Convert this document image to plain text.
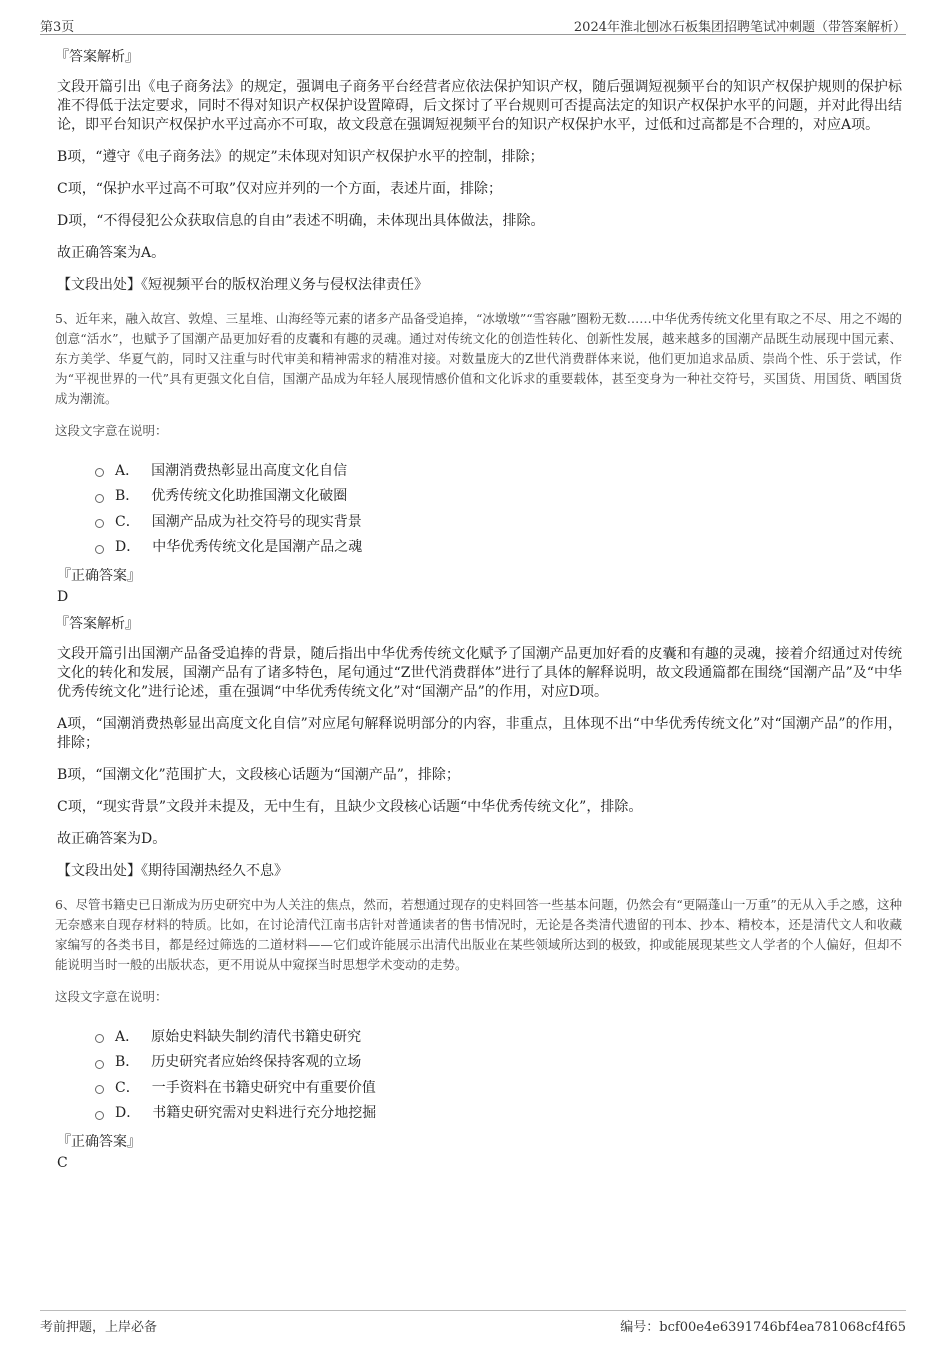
第3页	2024年淮北刨冰石板集团招聘笔试冲刺题（带答案解析）
『答案解析』

文段开篇引出《电子商务法》的规定，强调电子商务平台经营者应依法保护知识产权，随后强调短视频平台的知识产权保护规则的保护标准不得低于法定要求，同时不得对知识产权保护设置障碍，后文探讨了平台规则可否提高法定的知识产权保护水平的问题，并对此得出结论，即平台知识产权保护水平过高亦不可取，故文段意在强调短视频平台的知识产权保护水平，过低和过高都是不合理的，对应A项。

B项，“遵守《电子商务法》的规定”未体现对知识产权保护水平的控制，排除；

C项，“保护水平过高不可取”仅对应并列的一个方面，表述片面，排除；

D项，“不得侵犯公众获取信息的自由”表述不明确，未体现出具体做法，排除。

故正确答案为A。

【文段出处】《短视频平台的版权治理义务与侵权法律责任》

5、近年来，融入故宫、敦煌、三星堆、山海经等元素的诸多产品备受追捧，“冰墩墩”“雪容融”圈粉无数……中华优秀传统文化里有取之不尽、用之不竭的创意“活水”，也赋予了国潮产品更加好看的皮囊和有趣的灵魂。通过对传统文化的创造性转化、创新性发展，越来越多的国潮产品既生动展现中国元素、东方美学、华夏气韵，同时又注重与时代审美和精神需求的精准对接。对数量庞大的Z世代消费群体来说，他们更加追求品质、崇尚个性、乐于尝试，作为“平视世界的一代”具有更强文化自信，国潮产品成为年轻人展现情感价值和文化诉求的重要载体，甚至变身为一种社交符号，买国货、用国货、晒国货成为潮流。

这段文字意在说明：
A． 国潮消费热彰显出高度文化自信
B． 优秀传统文化助推国潮文化破圈
C． 国潮产品成为社交符号的现实背景
D． 中华优秀传统文化是国潮产品之魂
『正确答案』
D
『答案解析』

文段开篇引出国潮产品备受追捧的背景，随后指出中华优秀传统文化赋予了国潮产品更加好看的皮囊和有趣的灵魂，接着介绍通过对传统文化的转化和发展，国潮产品有了诸多特色，尾句通过“Z世代消费群体”进行了具体的解释说明，故文段通篇都在围绕“国潮产品”及“中华优秀传统文化”进行论述，重在强调“中华优秀传统文化”对“国潮产品”的作用，对应D项。

A项，“国潮消费热彰显出高度文化自信”对应尾句解释说明部分的内容，非重点，且体现不出“中华优秀传统文化”对“国潮产品”的作用，排除；

B项，“国潮文化”范围扩大，文段核心话题为“国潮产品”，排除；

C项，“现实背景”文段并未提及，无中生有，且缺少文段核心话题“中华优秀传统文化”，排除。

故正确答案为D。

【文段出处】《期待国潮热经久不息》

6、尽管书籍史已日渐成为历史研究中为人关注的焦点，然而，若想通过现存的史料回答一些基本问题，仍然会有“更隔蓬山一万重”的无从入手之感，这种无奈感来自现存材料的特质。比如，在讨论清代江南书店针对普通读者的售书情况时，无论是各类清代遗留的刊本、抄本、精校本，还是清代文人和收藏家编写的各类书目，都是经过筛选的二道材料——它们或许能展示出清代出版业在某些领域所达到的极致，抑或能展现某些文人学者的个人偏好，但却不能说明当时一般的出版状态，更不用说从中窥探当时思想学术变动的走势。

这段文字意在说明：
A． 原始史料缺失制约清代书籍史研究
B． 历史研究者应始终保持客观的立场
C． 一手资料在书籍史研究中有重要价值
D． 书籍史研究需对史料进行充分地挖掘
『正确答案』
C
考前押题，上岸必备	编号：bcf00e4e6391746bf4ea781068cf4f65
